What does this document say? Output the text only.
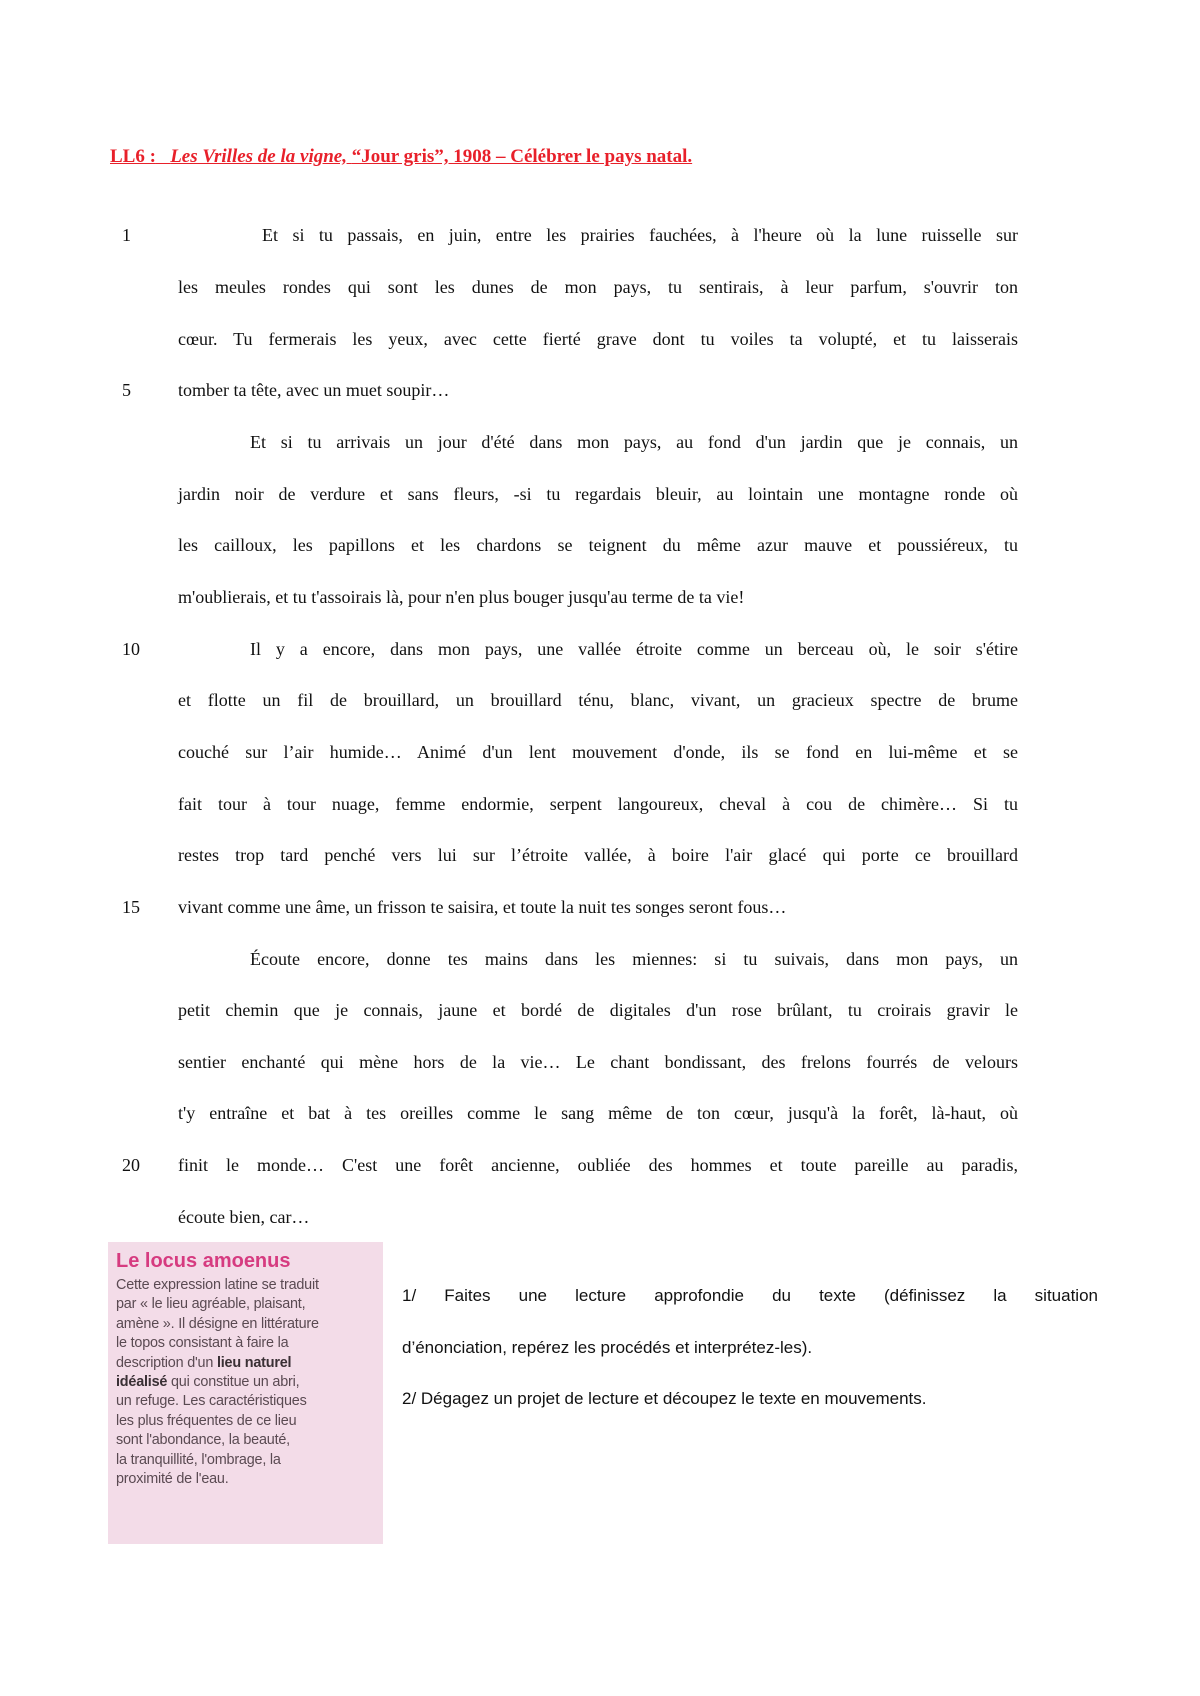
LL6 : Les Vrilles de la vigne, “Jour gris”, 1908 – Célébrer le pays natal.
1
5
10
15
20
Et si tu passais, en juin, entre les prairies fauchées, à l'heure où la lune ruisselle sur
les meules rondes qui sont les dunes de mon pays, tu sentirais, à leur parfum, s'ouvrir ton
cœur. Tu fermerais les yeux, avec cette fierté grave dont tu voiles ta volupté, et tu laisserais
tomber ta tête, avec un muet soupir…
Et si tu arrivais un jour d'été dans mon pays, au fond d'un jardin que je connais, un
jardin noir de verdure et sans fleurs, -si tu regardais bleuir, au lointain une montagne ronde où
les cailloux, les papillons et les chardons se teignent du même azur mauve et poussiéreux, tu
m'oublierais, et tu t'assoirais là, pour n'en plus bouger jusqu'au terme de ta vie!
Il y a encore, dans mon pays, une vallée étroite comme un berceau où, le soir s'étire
et flotte un fil de brouillard, un brouillard ténu, blanc, vivant, un gracieux spectre de brume
couché sur l’air humide… Animé d'un lent mouvement d'onde, ils se fond en lui-même et se
fait tour à tour nuage, femme endormie, serpent langoureux, cheval à cou de chimère… Si tu
restes trop tard penché vers lui sur l’étroite vallée, à boire l'air glacé qui porte ce brouillard
vivant comme une âme, un frisson te saisira, et toute la nuit tes songes seront fous…
Écoute encore, donne tes mains dans les miennes: si tu suivais, dans mon pays, un
petit chemin que je connais, jaune et bordé de digitales d'un rose brûlant, tu croirais gravir le
sentier enchanté qui mène hors de la vie… Le chant bondissant, des frelons fourrés de velours
t'y entraîne et bat à tes oreilles comme le sang même de ton cœur, jusqu'à la forêt, là-haut, où
finit le monde… C'est une forêt ancienne, oubliée des hommes et toute pareille au paradis,
écoute bien, car…
Le locus amoenus
Cette expression latine se traduit
par « le lieu agréable, plaisant,
amène ». Il désigne en littérature
le topos consistant à faire la
description d'un lieu naturel
idéalisé qui constitue un abri,
un refuge. Les caractéristiques
les plus fréquentes de ce lieu
sont l'abondance, la beauté,
la tranquillité, l'ombrage, la
proximité de l'eau.
1/ Faites une lecture approfondie du texte (définissez la situation
d’énonciation, repérez les procédés et interprétez-les).
2/ Dégagez un projet de lecture et découpez le texte en mouvements.
